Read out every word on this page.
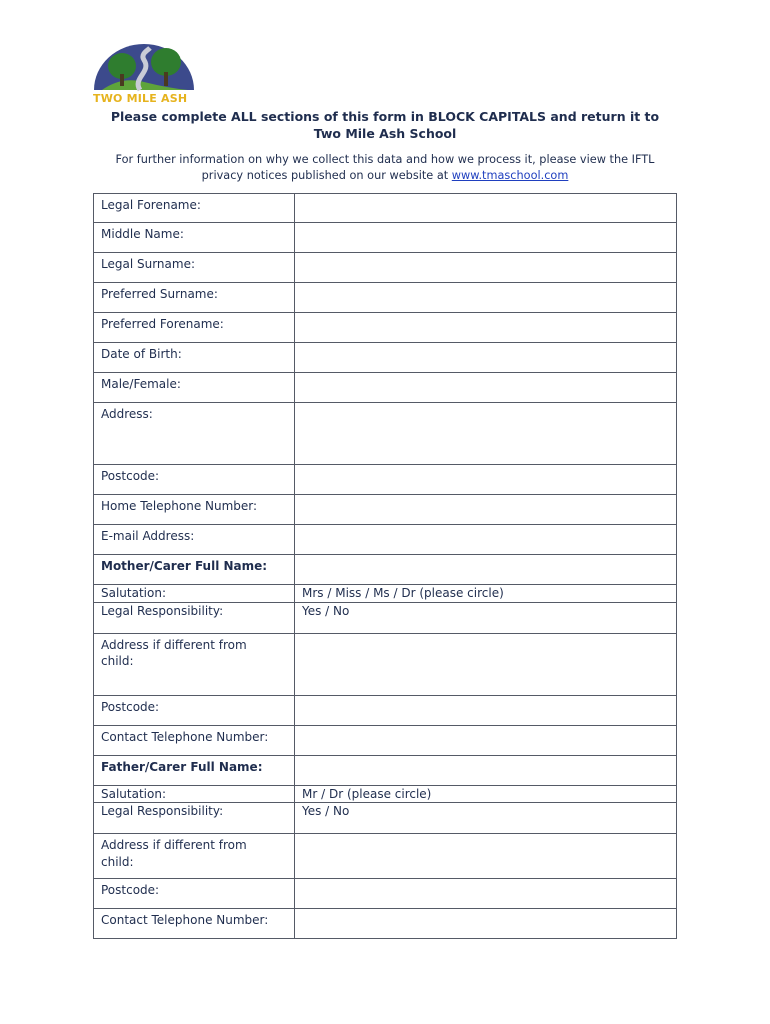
TWO MILE ASH
Please complete ALL sections of this form in BLOCK CAPITALS and return it to
Two Mile Ash School
For further information on why we collect this data and how we process it, please view the IFTL
privacy notices published on our website at www.tmaschool.com
Legal Forename:	
Middle Name:	
Legal Surname:	
Preferred Surname:	
Preferred Forename:	
Date of Birth:	
Male/Female:	
Address:	
Postcode:	
Home Telephone Number:	
E-mail Address:	
Mother/Carer Full Name:	
Salutation:	Mrs / Miss / Ms / Dr (please circle)
Legal Responsibility:	Yes / No

Address if different from
child:	

Postcode:	
Contact Telephone Number:	
Father/Carer Full Name:	
Salutation:	Mr / Dr (please circle)
Legal Responsibility:	Yes / No

Address if different from
child:	

Postcode:	
Contact Telephone Number:	
